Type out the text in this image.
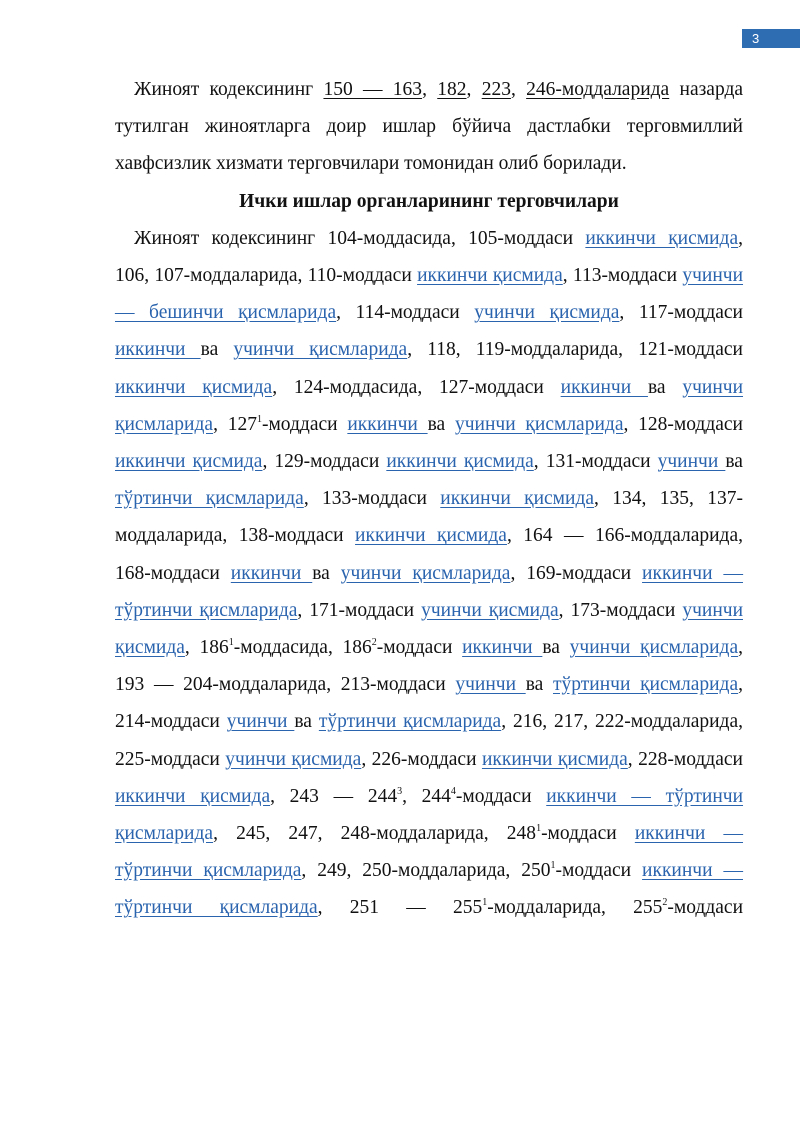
3

Жиноят кодексининг 150 — 163, 182, 223, 246-моддаларида назарда тутилган жиноятларга доир ишлар бўйича дастлабки терговмиллий хавфсизлик хизмати терговчилари томонидан олиб борилади.

Ички ишлар органларининг терговчилари

Жиноят кодексининг 104-моддасида, 105-моддаси иккинчи қисмида, 106, 107-моддаларида, 110-моддаси иккинчи қисмида, 113-моддаси учинчи — бешинчи қисмларида, 114-моддаси учинчи қисмида, 117-моддаси иккинчи ва учинчи қисмларида, 118, 119-моддаларида, 121-моддаси иккинчи қисмида, 124-моддасида, 127-моддаси иккинчи ва учинчи қисмларида, $127^1$-моддаси иккинчи ва учинчи қисмларида, 128-моддаси иккинчи қисмида, 129-моддаси иккинчи қисмида, 131-моддаси учинчи ва тўртинчи қисмларида, 133-моддаси иккинчи қисмида, 134, 135, 137-моддаларида, 138-моддаси иккинчи қисмида, 164 — 166-моддаларида, 168-моддаси иккинчи ва учинчи қисмларида, 169-моддаси иккинчи — тўртинчи қисмларида, 171-моддаси учинчи қисмида, 173-моддаси учинчи қисмида, $186^1$-моддасида, $186^2$-моддаси иккинчи ва учинчи қисмларида, 193 — 204-моддаларида, 213-моддаси учинчи ва тўртинчи қисмларида, 214-моддаси учинчи ва тўртинчи қисмларида, 216, 217, 222-моддаларида, 225-моддаси учинчи қисмида, 226-моддаси иккинчи қисмида, 228-моддаси иккинчи қисмида, 243 — $244^3$, $244^4$-моддаси иккинчи — тўртинчи қисмларида, 245, 247, 248-моддаларида, $248^1$-моддаси иккинчи — тўртинчи қисмларида, 249, 250-моддаларида, $250^1$-моддаси иккинчи — тўртинчи қисмларида, 251 — $255^1$-моддаларида, $255^2$-моддаси
